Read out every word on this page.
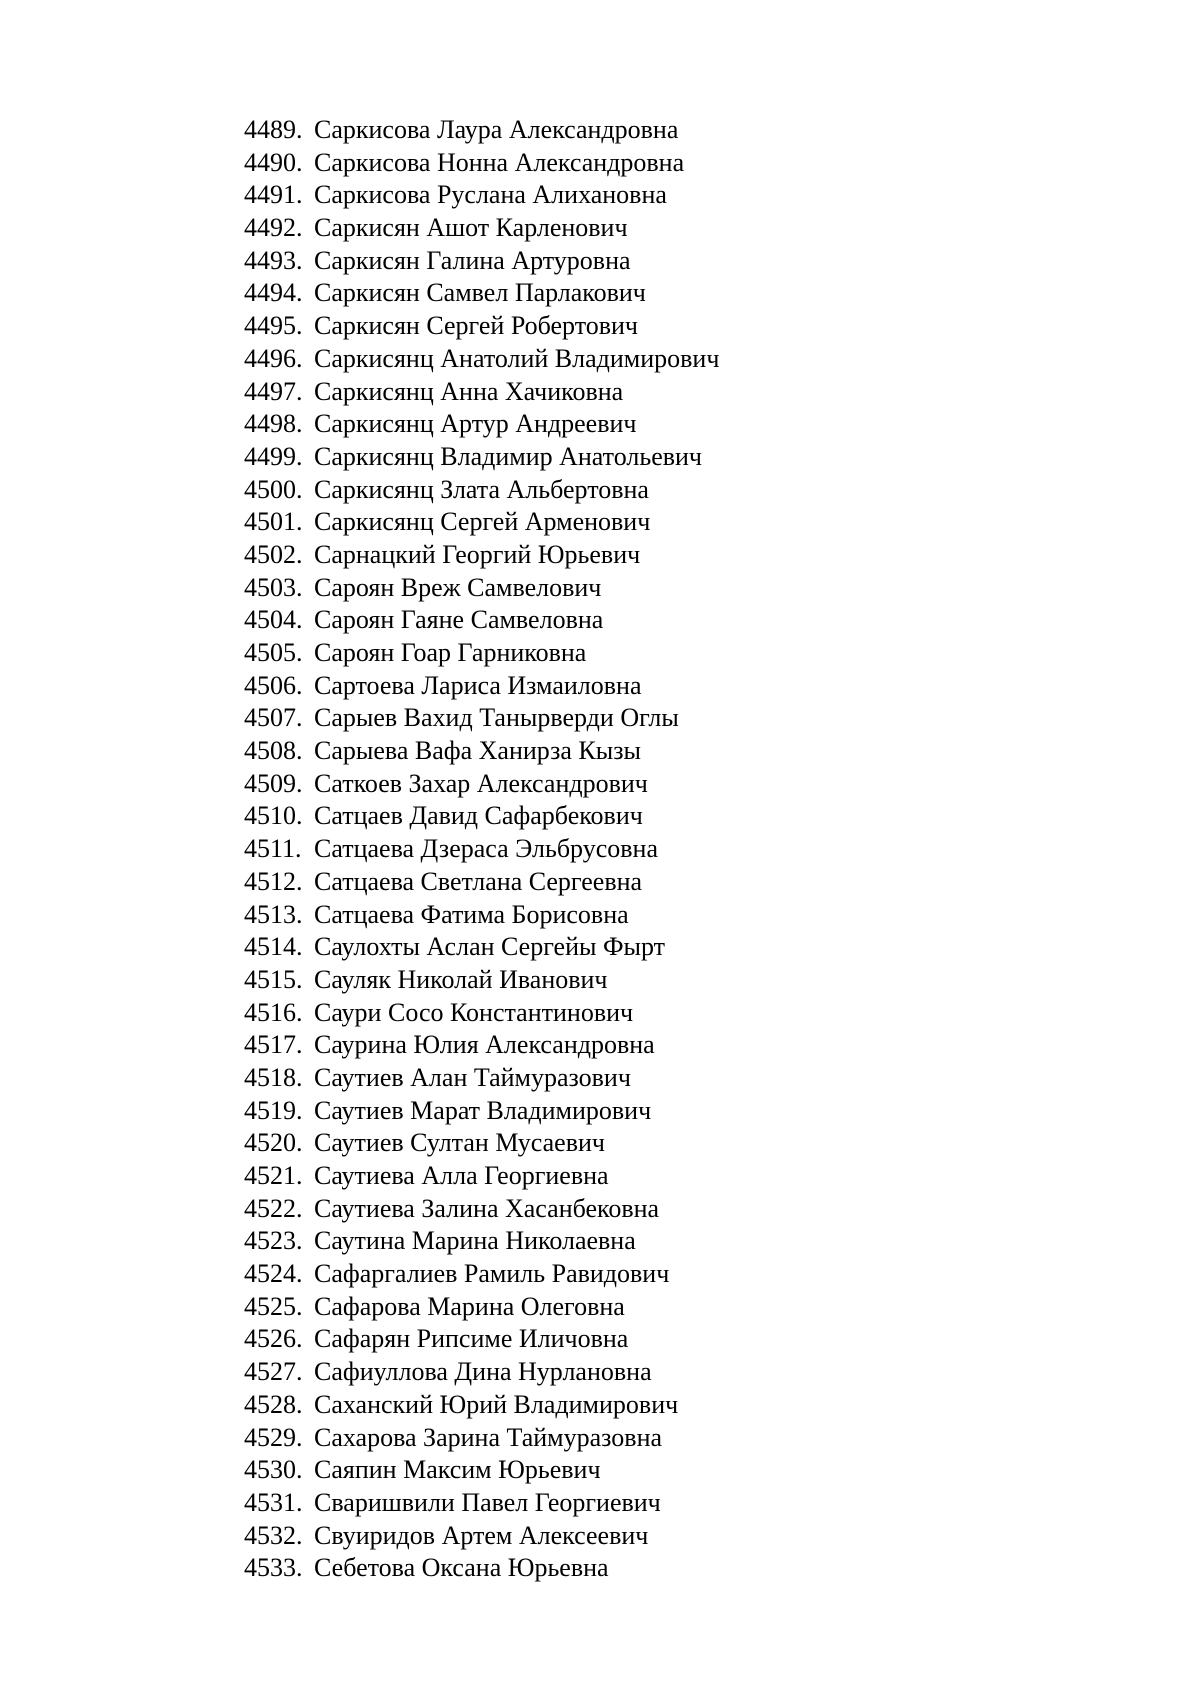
4489. Саркисова Лаура Александровна
4490. Саркисова Нонна Александровна
4491. Саркисова Руслана Алихановна
4492. Саркисян Ашот Карленович
4493. Саркисян Галина Артуровна
4494. Саркисян Самвел Парлакович
4495. Саркисян Сергей Робертович
4496. Саркисянц Анатолий Владимирович
4497. Саркисянц Анна Хачиковна
4498. Саркисянц Артур Андреевич
4499. Саркисянц Владимир Анатольевич
4500. Саркисянц Злата Альбертовна
4501. Саркисянц Сергей Арменович
4502. Сарнацкий Георгий Юрьевич
4503. Сароян Вреж Самвелович
4504. Сароян Гаяне Самвеловна
4505. Сароян Гоар Гарниковна
4506. Сартоева Лариса Измаиловна
4507. Сарыев Вахид Танырверди Оглы
4508. Сарыева Вафа Ханирза Кызы
4509. Саткоев Захар Александрович
4510. Сатцаев Давид Сафарбекович
4511. Сатцаева Дзераса Эльбрусовна
4512. Сатцаева Светлана Сергеевна
4513. Сатцаева Фатима Борисовна
4514. Саулохты Аслан Сергейы Фырт
4515. Сауляк Николай Иванович
4516. Саури Сосо Константинович
4517. Саурина Юлия Александровна
4518. Саутиев Алан Таймуразович
4519. Саутиев Марат Владимирович
4520. Саутиев Султан Мусаевич
4521. Саутиева Алла Георгиевна
4522. Саутиева Залина Хасанбековна
4523. Саутина Марина Николаевна
4524. Сафаргалиев Рамиль Равидович
4525. Сафарова Марина Олеговна
4526. Сафарян Рипсиме Иличовна
4527. Сафиуллова Дина Нурлановна
4528. Саханский Юрий Владимирович
4529. Сахарова Зарина Таймуразовна
4530. Саяпин Максим Юрьевич
4531. Сваришвили Павел Георгиевич
4532. Свуиридов Артем Алексеевич
4533. Себетова Оксана Юрьевна
